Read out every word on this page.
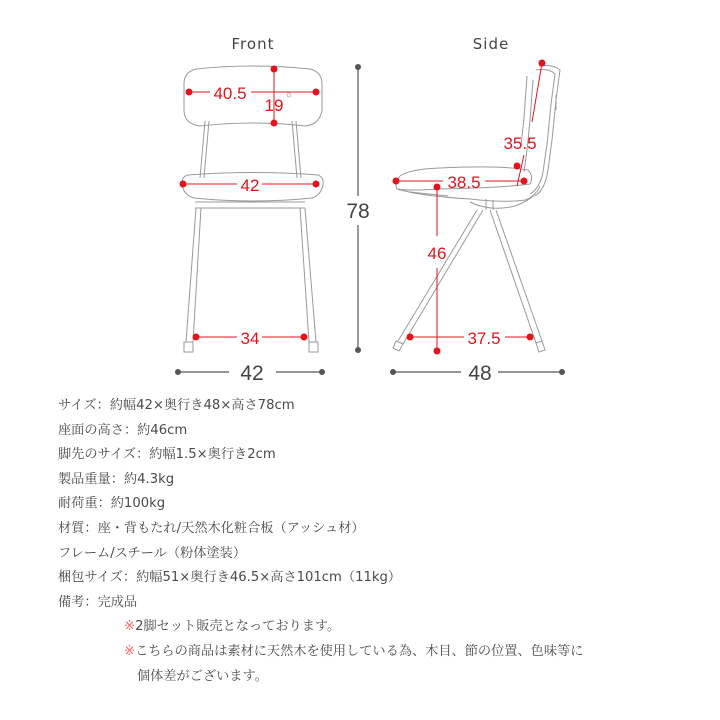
Front	Side
40.5
19
42
34
42
78
35.5
38.5
46
37.5
48
サイズ：約幅42×奥行き48×高さ78cm
座面の高さ：約46cm
脚先のサイズ：約幅1.5×奥行き2cm
製品重量：約4.3kg
耐荷重：約100kg
材質：座・背もたれ/天然木化粧合板（アッシュ材）
フレーム/スチール（粉体塗装）
梱包サイズ：約幅51×奥行き46.5×高さ101cm（11kg）
備考：完成品
※2脚セット販売となっております。
※こちらの商品は素材に天然木を使用している為、木目、節の位置、色味等に
個体差がございます。
